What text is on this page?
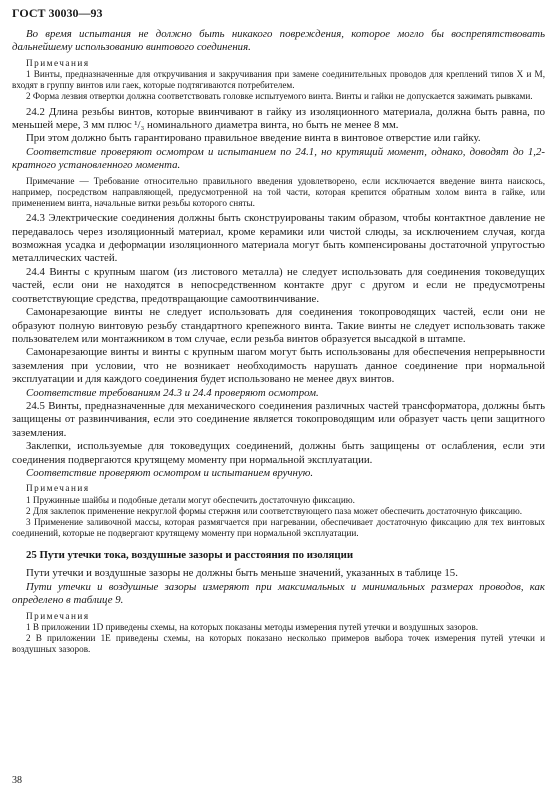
ГОСТ 30030—93

Во время испытания не должно быть никакого повреждения, которое могло бы воспрепятствовать дальнейшему использованию винтового соединения.

Примечания

1 Винты, предназначенные для откручивания и закручивания при замене соединительных проводов для креплений типов X и M, входят в группу винтов или гаек, которые подтягиваются потребителем.

2 Форма лезвия отвертки должна соответствовать головке испытуемого винта. Винты и гайки не допускается зажимать рывками.

24.2 Длина резьбы винтов, которые ввинчивают в гайку из изоляционного материала, должна быть равна, по меньшей мере, 3 мм плюс ¹/₃ номинального диаметра винта, но быть не менее 8 мм.

При этом должно быть гарантировано правильное введение винта в винтовое отверстие или гайку.

Соответствие проверяют осмотром и испытанием по 24.1, но крутящий момент, однако, доводят до 1,2-кратного установленного момента.

Примечание — Требование относительно правильного введения удовлетворено, если исключается введение винта наискось, например, посредством направляющей, предусмотренной на той части, которая крепится обратным холом винта в гайке, или применением винта, начальные витки резьбы которого сняты.

24.3 Электрические соединения должны быть сконструированы таким образом, чтобы контактное давление не передавалось через изоляционный материал, кроме керамики или чистой слюды, за исключением случая, когда возможная усадка и деформации изоляционного материала могут быть компенсированы достаточной упругостью металлических частей.

24.4 Винты с крупным шагом (из листового металла) не следует использовать для соединения токоведущих частей, если они не находятся в непосредственном контакте друг с другом и если не предусмотрены соответствующие средства, предотвращающие самоотвинчивание.

Самонарезающие винты не следует использовать для соединения токопроводящих частей, если они не образуют полную винтовую резьбу стандартного крепежного винта. Такие винты не следует использовать также пользователем или монтажником в том случае, если резьба винтов образуется высадкой в штампе.

Самонарезающие винты и винты с крупным шагом могут быть использованы для обеспечения непрерывности заземления при условии, что не возникает необходимость нарушать данное соединение при нормальной эксплуатации и для каждого соединения будет использовано не менее двух винтов.

Соответствие требованиям 24.3 и 24.4 проверяют осмотром.

24.5 Винты, предназначенные для механического соединения различных частей трансформатора, должны быть защищены от развинчивания, если это соединение является токопроводящим или образует часть цепи защитного заземления.

Заклепки, используемые для токоведущих соединений, должны быть защищены от ослабления, если эти соединения подвергаются крутящему моменту при нормальной эксплуатации.

Соответствие проверяют осмотром и испытанием вручную.

Примечания

1 Пружинные шайбы и подобные детали могут обеспечить достаточную фиксацию.

2 Для заклепок применение некруглой формы стержня или соответствующего паза может обеспечить достаточную фиксацию.

3 Применение заливочной массы, которая размягчается при нагревании, обеспечивает достаточную фиксацию для тех винтовых соединений, которые не подвергают крутящему моменту при нормальной эксплуатации.

25 Пути утечки тока, воздушные зазоры и расстояния по изоляции

Пути утечки и воздушные зазоры не должны быть меньше значений, указанных в таблице 15.

Пути утечки и воздушные зазоры измеряют при максимальных и минимальных размерах проводов, как определено в таблице 9.

Примечания

1 В приложении 1D приведены схемы, на которых показаны методы измерения путей утечки и воздушных зазоров.

2 В приложении 1E приведены схемы, на которых показано несколько примеров выбора точек измерения путей утечки и воздушных зазоров.

38
